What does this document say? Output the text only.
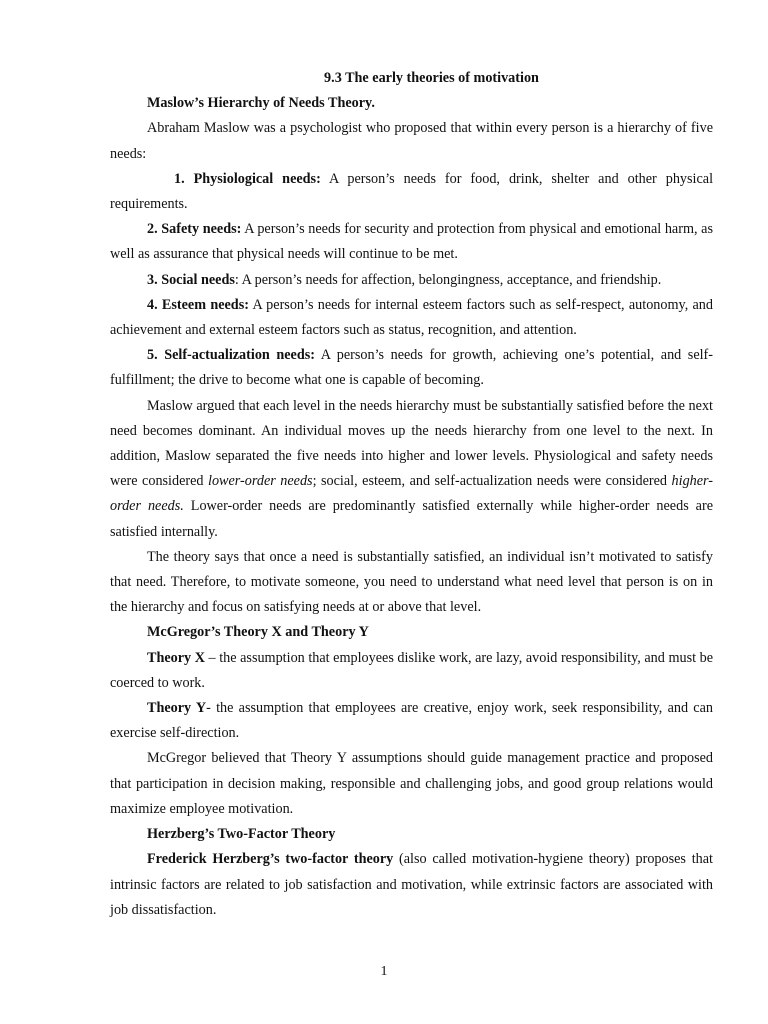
9.3 The early theories of motivation

Maslow’s Hierarchy of Needs Theory.

Abraham Maslow was a psychologist who proposed that within every person is a hierarchy of five needs:

1. Physiological needs: A person’s needs for food, drink, shelter and other physical requirements.

2. Safety needs: A person’s needs for security and protection from physical and emotional harm, as well as assurance that physical needs will continue to be met.

3. Social needs: A person’s needs for affection, belongingness, acceptance, and friendship.

4. Esteem needs: A person’s needs for internal esteem factors such as self-respect, autonomy, and achievement and external esteem factors such as status, recognition, and attention.

5. Self-actualization needs: A person’s needs for growth, achieving one’s potential, and self-fulfillment; the drive to become what one is capable of becoming.

Maslow argued that each level in the needs hierarchy must be substantially satisfied before the next need becomes dominant. An individual moves up the needs hierarchy from one level to the next. In addition, Maslow separated the five needs into higher and lower levels. Physiological and safety needs were considered lower-order needs; social, esteem, and self-actualization needs were considered higher-order needs. Lower-order needs are predominantly satisfied externally while higher-order needs are satisfied internally.

The theory says that once a need is substantially satisfied, an individual isn’t motivated to satisfy that need. Therefore, to motivate someone, you need to understand what need level that person is on in the hierarchy and focus on satisfying needs at or above that level.

McGregor’s Theory X and Theory Y

Theory X – the assumption that employees dislike work, are lazy, avoid responsibility, and must be coerced to work.

Theory Y- the assumption that employees are creative, enjoy work, seek responsibility, and can exercise self-direction.

McGregor believed that Theory Y assumptions should guide management practice and proposed that participation in decision making, responsible and challenging jobs, and good group relations would maximize employee motivation.

Herzberg’s Two-Factor Theory

Frederick Herzberg’s two-factor theory (also called motivation-hygiene theory) proposes that intrinsic factors are related to job satisfaction and motivation, while extrinsic factors are associated with job dissatisfaction.

1
